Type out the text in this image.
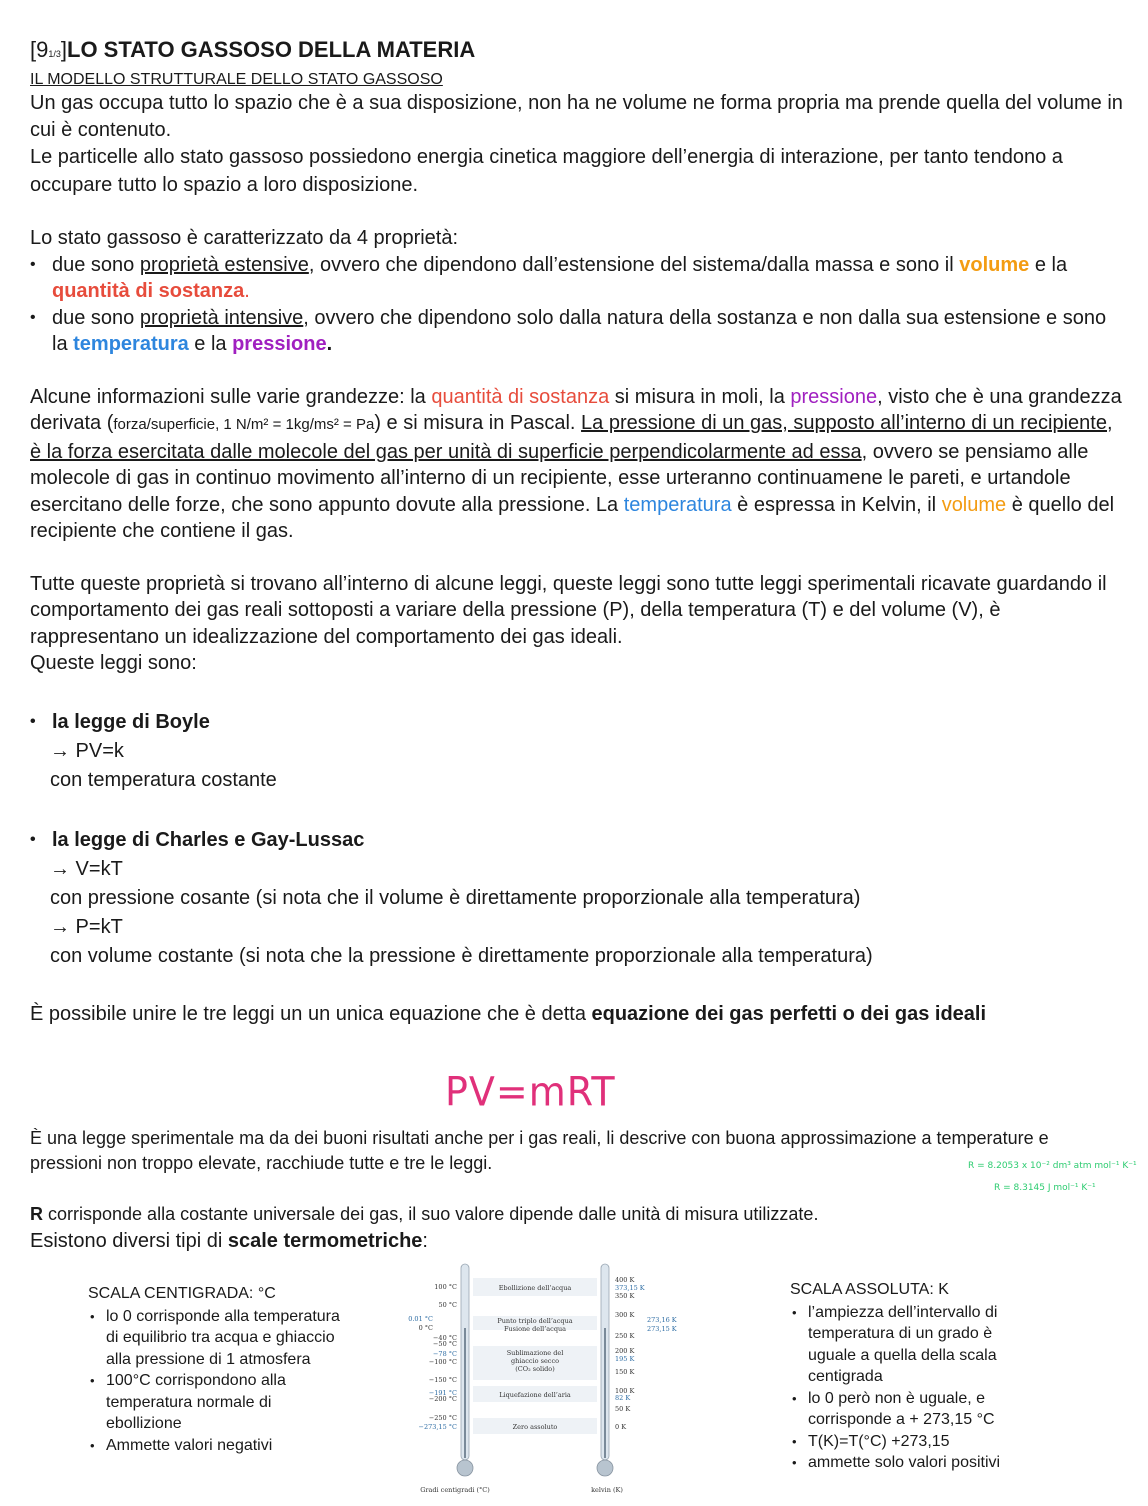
[91/3]LO STATO GASSOSO DELLA MATERIA
IL MODELLO STRUTTURALE DELLO STATO GASSOSO

Un gas occupa tutto lo spazio che è a sua disposizione, non ha ne volume ne forma propria ma prende quella del volume in cui è contenuto.

Le particelle allo stato gassoso possiedono energia cinetica maggiore dell’energia di interazione, per tanto tendono a occupare tutto lo spazio a loro disposizione.

Lo stato gassoso è caratterizzato da 4 proprietà:

• due sono proprietà estensive, ovvero che dipendono dall’estensione del sistema/dalla massa e sono il volume e la quantità di sostanza.
• due sono proprietà intensive, ovvero che dipendono solo dalla natura della sostanza e non dalla sua estensione e sono la temperatura e la pressione.

Alcune informazioni sulle varie grandezze: la quantità di sostanza si misura in moli, la pressione, visto che è una grandezza derivata (forza/superficie, 1 N/m² = 1kg/ms² = Pa) e si misura in Pascal. La pressione di un gas, supposto all’interno di un recipiente, è la forza esercitata dalle molecole del gas per unità di superficie perpendicolarmente ad essa, ovvero se pensiamo alle molecole di gas in continuo movimento all’interno di un recipiente, esse urteranno continuamene le pareti, e urtandole esercitano delle forze, che sono appunto dovute alla pressione. La temperatura è espressa in Kelvin, il volume è quello del recipiente che contiene il gas.

Tutte queste proprietà si trovano all’interno di alcune leggi, queste leggi sono tutte leggi sperimentali ricavate guardando il comportamento dei gas reali sottoposti a variare della pressione (P), della temperatura (T) e del volume (V), è rappresentano un idealizzazione del comportamento dei gas ideali.

Queste leggi sono:

• la legge di Boyle
→ PV=k
con temperatura costante
• la legge di Charles e Gay-Lussac
→ V=kT
con pressione cosante (si nota che il volume è direttamente proporzionale alla temperatura)
→ P=kT
con volume costante (si nota che la pressione è direttamente proporzionale alla temperatura)

È possibile unire le tre leggi un un unica equazione che è detta equazione dei gas perfetti o dei gas ideali

PV=mRT
È una legge sperimentale ma da dei buoni risultati anche per i gas reali, li descrive con buona approssimazione a temperature e pressioni non troppo elevate, racchiude tutte e tre le leggi.	R = 8.2053 x 10⁻² dm³ atm mol⁻¹ K⁻¹
R = 8.3145 J mol⁻¹ K⁻¹
R corrisponde alla costante universale dei gas, il suo valore dipende dalle unità di misura utilizzate.
Esistono diversi tipi di scale termometriche:
SCALA CENTIGRADA: °C
• lo 0 corrisponde alla temperatura di equilibrio tra acqua e ghiaccio alla pressione di 1 atmosfera
• 100°C corrispondono alla temperatura normale di ebollizione
• Ammette valori negativi
SCALA ASSOLUTA: K
• l’ampiezza dell’intervallo di temperatura di un grado è uguale a quella della scala centigrada
• lo 0 però non è uguale, e corrisponde a + 273,15 °C
• T(K)=T(°C) +273,15
• ammette solo valori positivi
100 °C
50 °C
0.01 °C
0 °C
−40 °C
−50 °C
−78 °C
−100 °C
−150 °C
−191 °C
−200 °C
−250 °C
−273,15 °C
400 K
373,15 K
350 K
300 K
273,16 K
273,15 K
250 K
200 K
195 K
150 K
100 K
82 K
50 K
0 K
Ebollizione dell’acqua
Punto triplo dell’acqua
Fusione dell’acqua
Sublimazione del
ghiaccio secco
(CO₂ solido)
Liquefazione dell’aria
Zero assoluto
Gradi centigradi (°C)	kelvin (K)
